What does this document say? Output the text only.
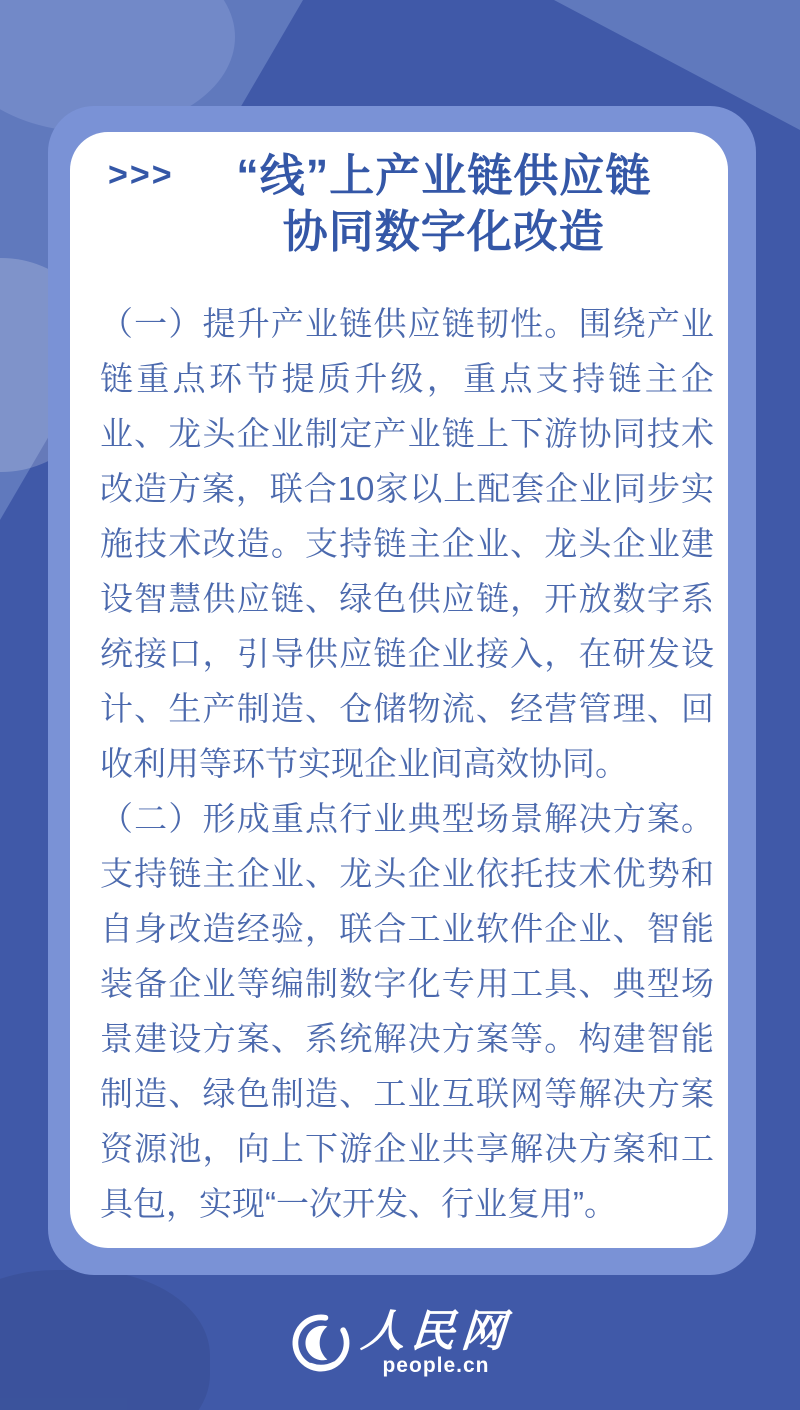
>>>	“线”上产业链供应链
协同数字化改造

（一）提升产业链供应链韧性。围绕产业链重点环节提质升级，重点支持链主企业、龙头企业制定产业链上下游协同技术改造方案，联合10家以上配套企业同步实施技术改造。支持链主企业、龙头企业建设智慧供应链、绿色供应链，开放数字系统接口，引导供应链企业接入，在研发设计、生产制造、仓储物流、经营管理、回收利用等环节实现企业间高效协同。

（二）形成重点行业典型场景解决方案。支持链主企业、龙头企业依托技术优势和自身改造经验，联合工业软件企业、智能装备企业等编制数字化专用工具、典型场景建设方案、系统解决方案等。构建智能制造、绿色制造、工业互联网等解决方案资源池，向上下游企业共享解决方案和工具包，实现“一次开发、行业复用”。

人民网
people.cn
